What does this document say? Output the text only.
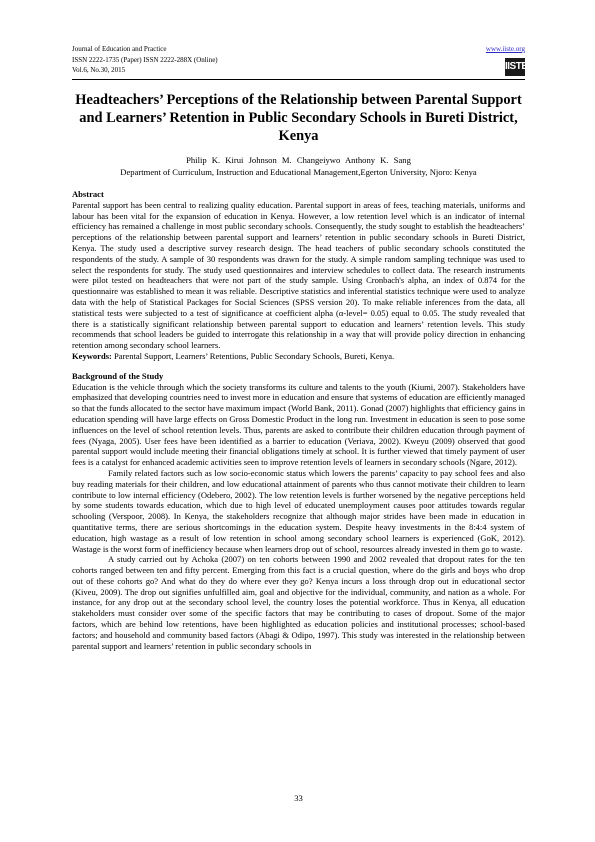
Journal of Education and Practice
ISSN 2222-1735 (Paper) ISSN 2222-288X (Online)
Vol.6, No.30, 2015
www.iiste.org
IISTE
Headteachers’ Perceptions of the Relationship between Parental Support and Learners’ Retention in Public Secondary Schools in Bureti District, Kenya
Philip K. Kirui Johnson M. Changeiywo Anthony K. Sang
Department of Curriculum, Instruction and Educational Management,Egerton University, Njoro: Kenya

Abstract

Parental support has been central to realizing quality education. Parental support in areas of fees, teaching materials, uniforms and labour has been vital for the expansion of education in Kenya. However, a low retention level which is an indicator of internal efficiency has remained a challenge in most public secondary schools. Consequently, the study sought to establish the headteachers’ perceptions of the relationship between parental support and learners’ retention in public secondary schools in Bureti District, Kenya. The study used a descriptive survey research design. The head teachers of public secondary schools constituted the respondents of the study. A sample of 30 respondents was drawn for the study. A simple random sampling technique was used to select the respondents for study. The study used questionnaires and interview schedules to collect data. The research instruments were pilot tested on headteachers that were not part of the study sample. Using Cronbach's alpha, an index of 0.874 for the questionnaire was established to mean it was reliable. Descriptive statistics and inferential statistics technique were used to analyze data with the help of Statistical Packages for Social Sciences (SPSS version 20). To make reliable inferences from the data, all statistical tests were subjected to a test of significance at coefficient alpha (α-level= 0.05) equal to 0.05. The study revealed that there is a statistically significant relationship between parental support to education and learners’ retention levels. This study recommends that school leaders be guided to interrogate this relationship in a way that will provide policy direction in enhancing retention among secondary school learners.

Keywords: Parental Support, Learners’ Retentions, Public Secondary Schools, Bureti, Kenya.

Background of the Study

Education is the vehicle through which the society transforms its culture and talents to the youth (Kiumi, 2007). Stakeholders have emphasized that developing countries need to invest more in education and ensure that systems of education are efficiently managed so that the funds allocated to the sector have maximum impact (World Bank, 2011). Gonad (2007) highlights that efficiency gains in education spending will have large effects on Gross Domestic Product in the long run. Investment in education is seen to pose some influences on the level of school retention levels. Thus, parents are asked to contribute their children education through payment of fees (Nyaga, 2005). User fees have been identified as a barrier to education (Veriava, 2002). Kweyu (2009) observed that good parental support would include meeting their financial obligations timely at school. It is further viewed that timely payment of user fees is a catalyst for enhanced academic activities seen to improve retention levels of learners in secondary schools (Ngare, 2012).

Family related factors such as low socio-economic status which lowers the parents’ capacity to pay school fees and also buy reading materials for their children, and low educational attainment of parents who thus cannot motivate their children to learn contribute to low internal efficiency (Odebero, 2002). The low retention levels is further worsened by the negative perceptions held by some students towards education, which due to high level of educated unemployment causes poor attitudes towards regular schooling (Verspoor, 2008). In Kenya, the stakeholders recognize that although major strides have been made in education in quantitative terms, there are serious shortcomings in the education system. Despite heavy investments in the 8:4:4 system of education, high wastage as a result of low retention in school among secondary school learners is experienced (GoK, 2012). Wastage is the worst form of inefficiency because when learners drop out of school, resources already invested in them go to waste.

A study carried out by Achoka (2007) on ten cohorts between 1990 and 2002 revealed that dropout rates for the ten cohorts ranged between ten and fifty percent. Emerging from this fact is a crucial question, where do the girls and boys who drop out of these cohorts go? And what do they do where ever they go? Kenya incurs a loss through drop out in educational sector (Kiveu, 2009). The drop out signifies unfulfilled aim, goal and objective for the individual, community, and nation as a whole. For instance, for any drop out at the secondary school level, the country loses the potential workforce. Thus in Kenya, all education stakeholders must consider over some of the specific factors that may be contributing to cases of dropout. Some of the major factors, which are behind low retentions, have been highlighted as education policies and institutional processes; school-based factors; and household and community based factors (Abagi & Odipo, 1997). This study was interested in the relationship between parental support and learners’ retention in public secondary schools in

33
